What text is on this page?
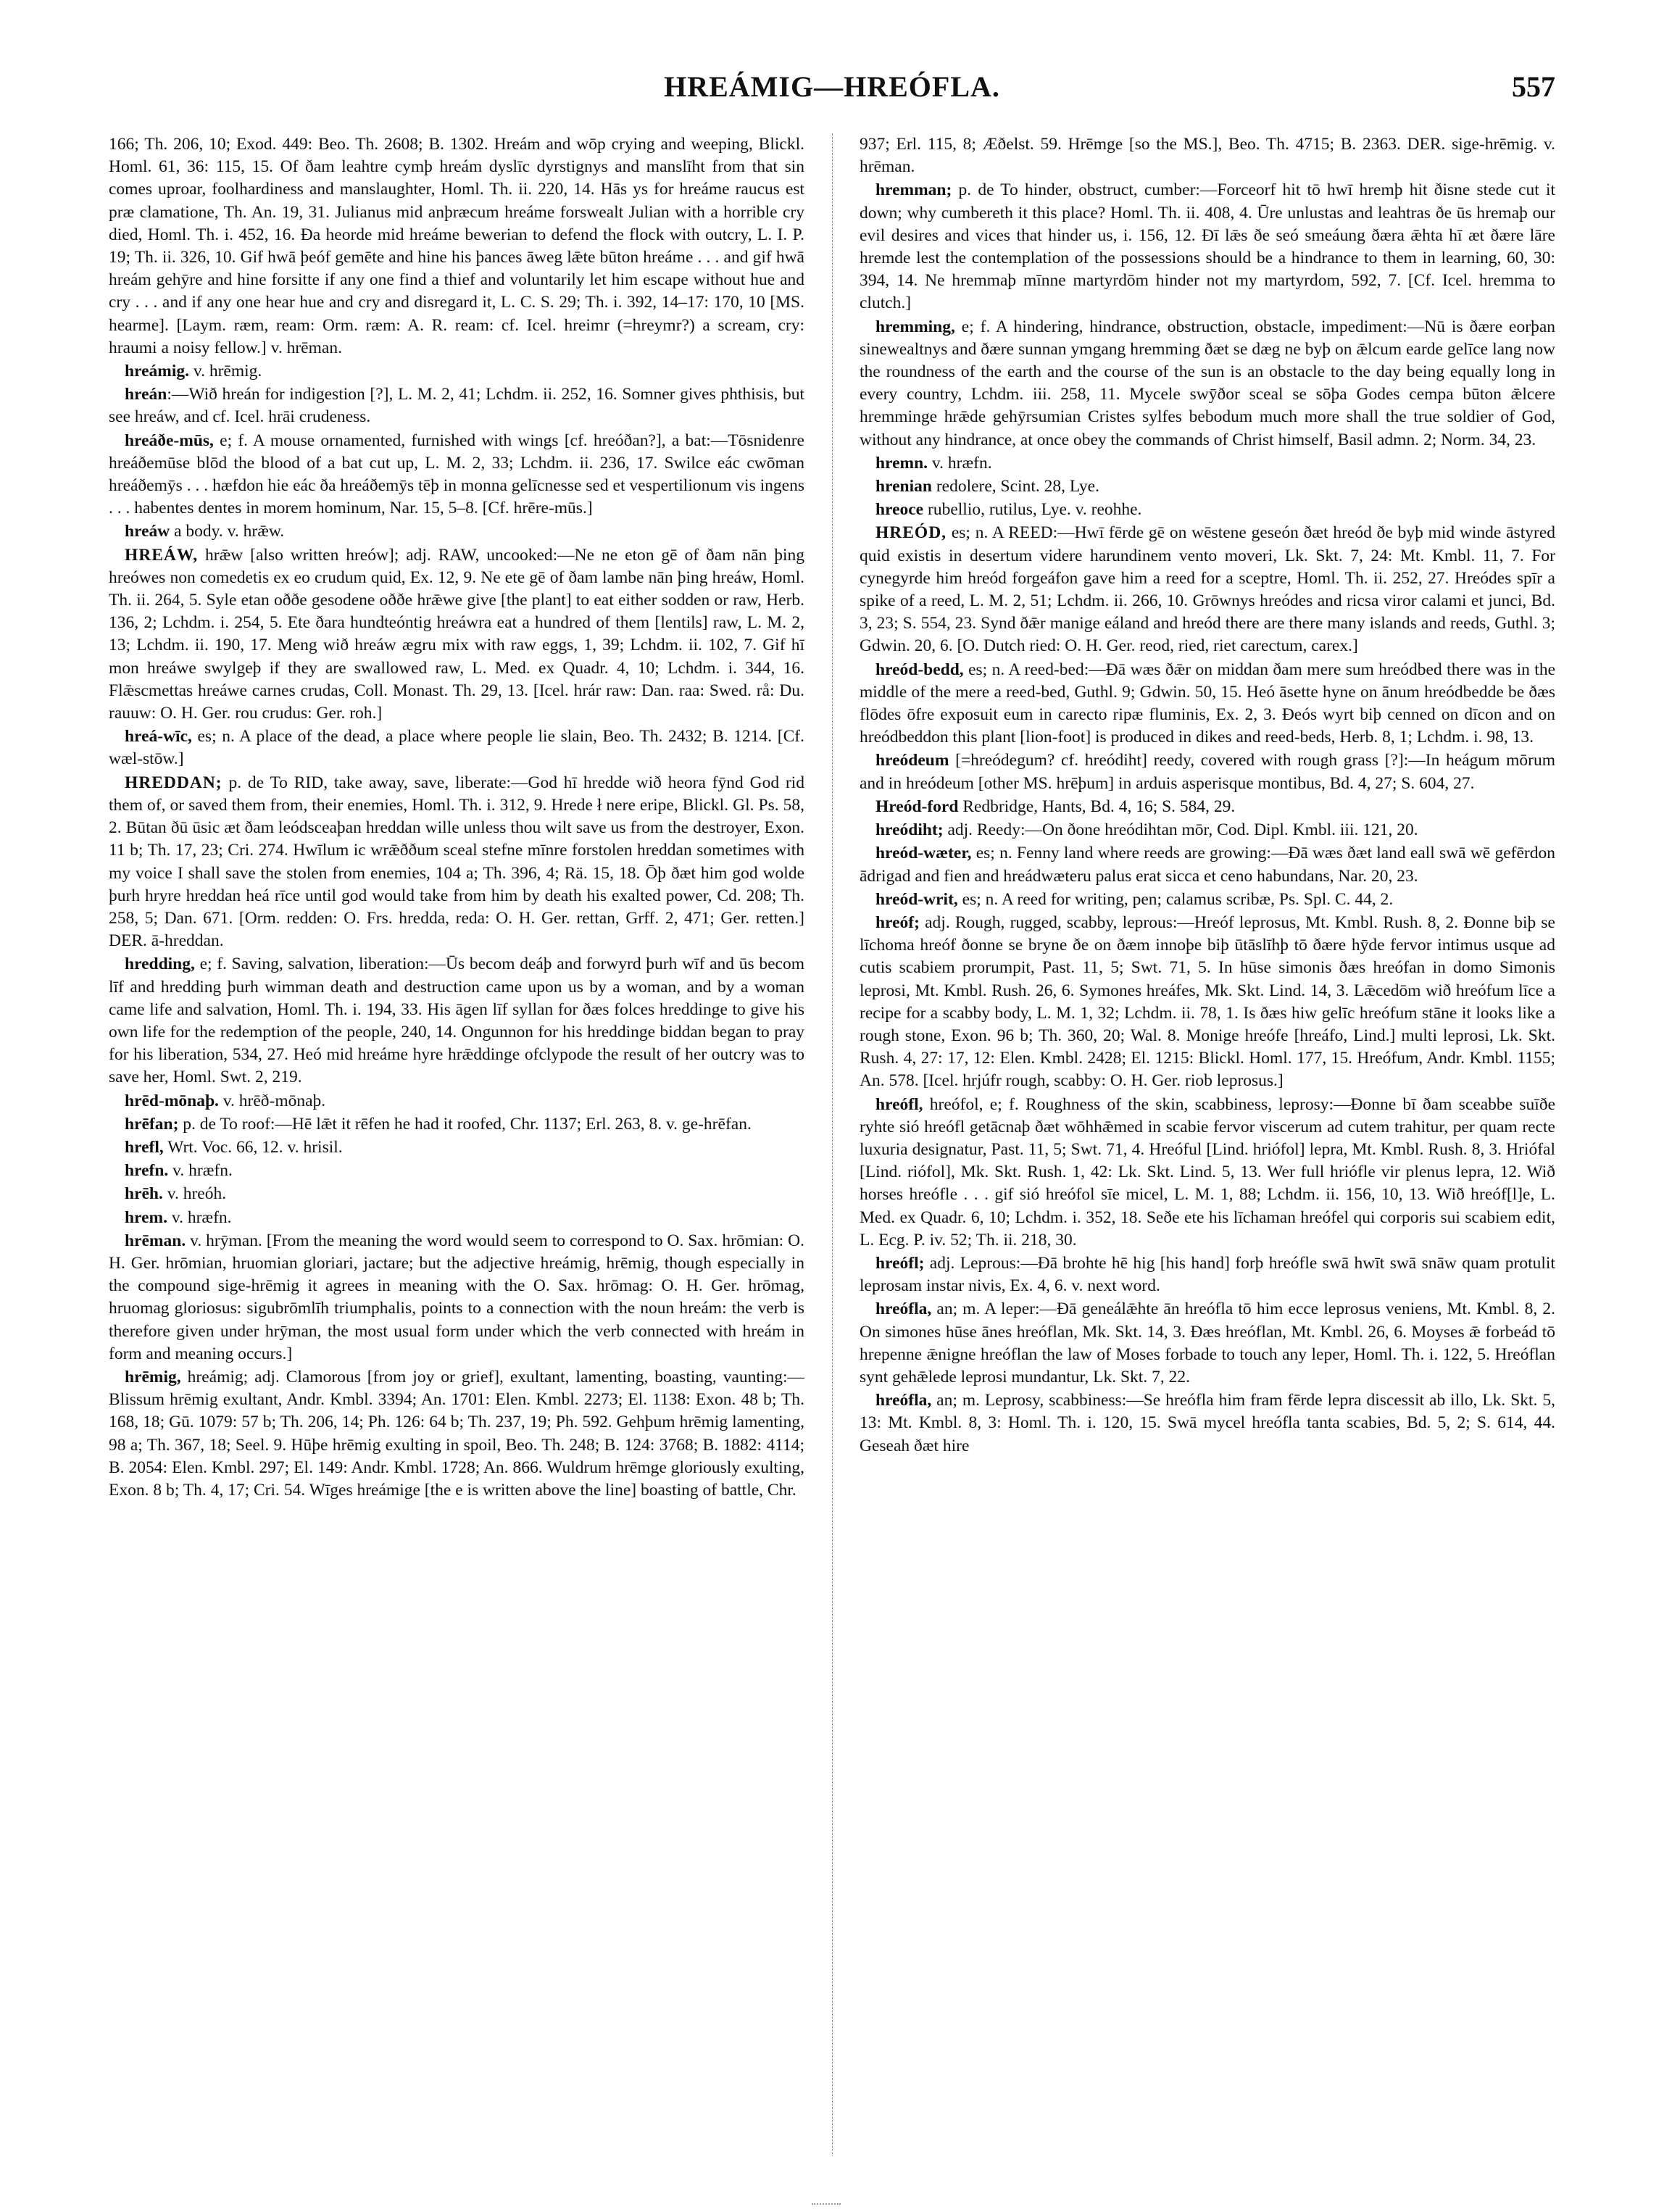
HREÁMIG—HREÓFLA.	557

166; Th. 206, 10; Exod. 449: Beo. Th. 2608; B. 1302. Hreám and wōp crying and weeping, Blickl. Homl. 61, 36: 115, 15. Of ðam leahtre cymþ hreám dyslīc dyrstignys and manslīht from that sin comes uproar, foolhardiness and manslaughter, Homl. Th. ii. 220, 14. Hās ys for hreáme raucus est præ clamatione, Th. An. 19, 31. Julianus mid anþræcum hreáme forswealt Julian with a horrible cry died, Homl. Th. i. 452, 16. Ða heorde mid hreáme bewerian to defend the flock with outcry, L. I. P. 19; Th. ii. 326, 10. Gif hwā þeóf gemēte and hine his þances āweg lǣte būton hreáme . . . and gif hwā hreám gehȳre and hine forsitte if any one find a thief and voluntarily let him escape without hue and cry . . . and if any one hear hue and cry and disregard it, L. C. S. 29; Th. i. 392, 14–17: 170, 10 [MS. hearme]. [Laym. ræm, ream: Orm. ræm: A. R. ream: cf. Icel. hreimr (=hreymr?) a scream, cry: hraumi a noisy fellow.] v. hrēman.

hreámig. v. hrēmig.

hreán:—Wið hreán for indigestion [?], L. M. 2, 41; Lchdm. ii. 252, 16. Somner gives phthisis, but see hreáw, and cf. Icel. hrāi crudeness.

hreáðe-mūs, e; f. A mouse ornamented, furnished with wings [cf. hreóðan?], a bat:—Tōsnidenre hreáðemūse blōd the blood of a bat cut up, L. M. 2, 33; Lchdm. ii. 236, 17. Swilce eác cwōman hreáðemȳs . . . hæfdon hie eác ða hreáðemȳs tēþ in monna gelīcnesse sed et vespertilionum vis ingens . . . habentes dentes in morem hominum, Nar. 15, 5–8. [Cf. hrēre-mūs.]

hreáw a body. v. hrǣw.

HREÁW, hrǣw [also written hreów]; adj. RAW, uncooked:—Ne ne eton gē of ðam nān þing hreówes non comedetis ex eo crudum quid, Ex. 12, 9. Ne ete gē of ðam lambe nān þing hreáw, Homl. Th. ii. 264, 5. Syle etan oððe gesodene oððe hrǣwe give [the plant] to eat either sodden or raw, Herb. 136, 2; Lchdm. i. 254, 5. Ete ðara hundteóntig hreáwra eat a hundred of them [lentils] raw, L. M. 2, 13; Lchdm. ii. 190, 17. Meng wið hreáw ægru mix with raw eggs, 1, 39; Lchdm. ii. 102, 7. Gif hī mon hreáwe swylgeþ if they are swallowed raw, L. Med. ex Quadr. 4, 10; Lchdm. i. 344, 16. Flǣscmettas hreáwe carnes crudas, Coll. Monast. Th. 29, 13. [Icel. hrár raw: Dan. raa: Swed. rå: Du. rauuw: O. H. Ger. rou crudus: Ger. roh.]

hreá-wīc, es; n. A place of the dead, a place where people lie slain, Beo. Th. 2432; B. 1214. [Cf. wæl-stōw.]

HREDDAN; p. de To RID, take away, save, liberate:—God hī hredde wið heora fȳnd God rid them of, or saved them from, their enemies, Homl. Th. i. 312, 9. Hrede ł nere eripe, Blickl. Gl. Ps. 58, 2. Būtan ðū ūsic æt ðam leódsceaþan hreddan wille unless thou wilt save us from the destroyer, Exon. 11 b; Th. 17, 23; Cri. 274. Hwīlum ic wrǣððum sceal stefne mīnre forstolen hreddan sometimes with my voice I shall save the stolen from enemies, 104 a; Th. 396, 4; Rä. 15, 18. Ōþ ðæt him god wolde þurh hryre hreddan heá rīce until god would take from him by death his exalted power, Cd. 208; Th. 258, 5; Dan. 671. [Orm. redden: O. Frs. hredda, reda: O. H. Ger. rettan, Grff. 2, 471; Ger. retten.] DER. ā-hreddan.

hredding, e; f. Saving, salvation, liberation:—Ūs becom deáþ and forwyrd þurh wīf and ūs becom līf and hredding þurh wimman death and destruction came upon us by a woman, and by a woman came life and salvation, Homl. Th. i. 194, 33. His āgen līf syllan for ðæs folces hreddinge to give his own life for the redemption of the people, 240, 14. Ongunnon for his hreddinge biddan began to pray for his liberation, 534, 27. Heó mid hreáme hyre hrǣddinge ofclypode the result of her outcry was to save her, Homl. Swt. 2, 219.

hrēd-mōnaþ. v. hrēð-mōnaþ.

hrēfan; p. de To roof:—Hē lǣt it rēfen he had it roofed, Chr. 1137; Erl. 263, 8. v. ge-hrēfan.

hrefl, Wrt. Voc. 66, 12. v. hrisil.

hrefn. v. hræfn.

hrēh. v. hreóh.

hrem. v. hræfn.

hrēman. v. hrȳman. [From the meaning the word would seem to correspond to O. Sax. hrōmian: O. H. Ger. hrōmian, hruomian gloriari, jactare; but the adjective hreámig, hrēmig, though especially in the compound sige-hrēmig it agrees in meaning with the O. Sax. hrōmag: O. H. Ger. hrōmag, hruomag gloriosus: sigubrōmlīh triumphalis, points to a connection with the noun hreám: the verb is therefore given under hrȳman, the most usual form under which the verb connected with hreám in form and meaning occurs.]

hrēmig, hreámig; adj. Clamorous [from joy or grief], exultant, lamenting, boasting, vaunting:—Blissum hrēmig exultant, Andr. Kmbl. 3394; An. 1701: Elen. Kmbl. 2273; El. 1138: Exon. 48 b; Th. 168, 18; Gū. 1079: 57 b; Th. 206, 14; Ph. 126: 64 b; Th. 237, 19; Ph. 592. Gehþum hrēmig lamenting, 98 a; Th. 367, 18; Seel. 9. Hūþe hrēmig exulting in spoil, Beo. Th. 248; B. 124: 3768; B. 1882: 4114; B. 2054: Elen. Kmbl. 297; El. 149: Andr. Kmbl. 1728; An. 866. Wuldrum hrēmge gloriously exulting, Exon. 8 b; Th. 4, 17; Cri. 54. Wīges hreámige [the e is written above the line] boasting of battle, Chr.

937; Erl. 115, 8; Æðelst. 59. Hrēmge [so the MS.], Beo. Th. 4715; B. 2363. DER. sige-hrēmig. v. hrēman.

hremman; p. de To hinder, obstruct, cumber:—Forceorf hit tō hwī hremþ hit ðisne stede cut it down; why cumbereth it this place? Homl. Th. ii. 408, 4. Ūre unlustas and leahtras ðe ūs hremaþ our evil desires and vices that hinder us, i. 156, 12. Ðī lǣs ðe seó smeáung ðæra ǣhta hī æt ðære lāre hremde lest the contemplation of the possessions should be a hindrance to them in learning, 60, 30: 394, 14. Ne hremmaþ mīnne martyrdōm hinder not my martyrdom, 592, 7. [Cf. Icel. hremma to clutch.]

hremming, e; f. A hindering, hindrance, obstruction, obstacle, impediment:—Nū is ðære eorþan sinewealtnys and ðære sunnan ymgang hremming ðæt se dæg ne byþ on ǣlcum earde gelīce lang now the roundness of the earth and the course of the sun is an obstacle to the day being equally long in every country, Lchdm. iii. 258, 11. Mycele swȳðor sceal se sōþa Godes cempa būton ǣlcere hremminge hrǣde gehȳrsumian Cristes sylfes bebodum much more shall the true soldier of God, without any hindrance, at once obey the commands of Christ himself, Basil admn. 2; Norm. 34, 23.

hremn. v. hræfn.

hrenian redolere, Scint. 28, Lye.

hreoce rubellio, rutilus, Lye. v. reohhe.

HREÓD, es; n. A REED:—Hwī fērde gē on wēstene geseón ðæt hreód ðe byþ mid winde āstyred quid existis in desertum videre harundinem vento moveri, Lk. Skt. 7, 24: Mt. Kmbl. 11, 7. For cynegyrde him hreód forgeáfon gave him a reed for a sceptre, Homl. Th. ii. 252, 27. Hreódes spīr a spike of a reed, L. M. 2, 51; Lchdm. ii. 266, 10. Grōwnys hreódes and ricsa viror calami et junci, Bd. 3, 23; S. 554, 23. Synd ðǣr manige eáland and hreód there are there many islands and reeds, Guthl. 3; Gdwin. 20, 6. [O. Dutch ried: O. H. Ger. reod, ried, riet carectum, carex.]

hreód-bedd, es; n. A reed-bed:—Ðā wæs ðǣr on middan ðam mere sum hreódbed there was in the middle of the mere a reed-bed, Guthl. 9; Gdwin. 50, 15. Heó āsette hyne on ānum hreódbedde be ðæs flōdes ōfre exposuit eum in carecto ripæ fluminis, Ex. 2, 3. Ðeós wyrt biþ cenned on dīcon and on hreódbeddon this plant [lion-foot] is produced in dikes and reed-beds, Herb. 8, 1; Lchdm. i. 98, 13.

hreódeum [=hreódegum? cf. hreódiht] reedy, covered with rough grass [?]:—In heágum mōrum and in hreódeum [other MS. hrēþum] in arduis asperisque montibus, Bd. 4, 27; S. 604, 27.

Hreód-ford Redbridge, Hants, Bd. 4, 16; S. 584, 29.

hreódiht; adj. Reedy:—On ðone hreódihtan mōr, Cod. Dipl. Kmbl. iii. 121, 20.

hreód-wæter, es; n. Fenny land where reeds are growing:—Ðā wæs ðæt land eall swā wē gefērdon ādrigad and fien and hreádwæteru palus erat sicca et ceno habundans, Nar. 20, 23.

hreód-writ, es; n. A reed for writing, pen; calamus scribæ, Ps. Spl. C. 44, 2.

hreóf; adj. Rough, rugged, scabby, leprous:—Hreóf leprosus, Mt. Kmbl. Rush. 8, 2. Ðonne biþ se līchoma hreóf ðonne se bryne ðe on ðæm innoþe biþ ūtāslīhþ tō ðære hȳde fervor intimus usque ad cutis scabiem prorumpit, Past. 11, 5; Swt. 71, 5. In hūse simonis ðæs hreófan in domo Simonis leprosi, Mt. Kmbl. Rush. 26, 6. Symones hreáfes, Mk. Skt. Lind. 14, 3. Lǣcedōm wið hreófum līce a recipe for a scabby body, L. M. 1, 32; Lchdm. ii. 78, 1. Is ðæs hiw gelīc hreófum stāne it looks like a rough stone, Exon. 96 b; Th. 360, 20; Wal. 8. Monige hreófe [hreáfo, Lind.] multi leprosi, Lk. Skt. Rush. 4, 27: 17, 12: Elen. Kmbl. 2428; El. 1215: Blickl. Homl. 177, 15. Hreófum, Andr. Kmbl. 1155; An. 578. [Icel. hrjúfr rough, scabby: O. H. Ger. riob leprosus.]

hreófl, hreófol, e; f. Roughness of the skin, scabbiness, leprosy:—Ðonne bī ðam sceabbe suīðe ryhte sió hreófl getācnaþ ðæt wōhhǣmed in scabie fervor viscerum ad cutem trahitur, per quam recte luxuria designatur, Past. 11, 5; Swt. 71, 4. Hreóful [Lind. hriófol] lepra, Mt. Kmbl. Rush. 8, 3. Hriófal [Lind. riófol], Mk. Skt. Rush. 1, 42: Lk. Skt. Lind. 5, 13. Wer full hriófle vir plenus lepra, 12. Wið horses hreófle . . . gif sió hreófol sīe micel, L. M. 1, 88; Lchdm. ii. 156, 10, 13. Wið hreóf[l]e, L. Med. ex Quadr. 6, 10; Lchdm. i. 352, 18. Seðe ete his līchaman hreófel qui corporis sui scabiem edit, L. Ecg. P. iv. 52; Th. ii. 218, 30.

hreófl; adj. Leprous:—Ðā brohte hē hig [his hand] forþ hreófle swā hwīt swā snāw quam protulit leprosam instar nivis, Ex. 4, 6. v. next word.

hreófla, an; m. A leper:—Ðā geneálǣhte ān hreófla tō him ecce leprosus veniens, Mt. Kmbl. 8, 2. On simones hūse ānes hreóflan, Mk. Skt. 14, 3. Ðæs hreóflan, Mt. Kmbl. 26, 6. Moyses ǣ forbeád tō hrepenne ǣnigne hreóflan the law of Moses forbade to touch any leper, Homl. Th. i. 122, 5. Hreóflan synt gehǣlede leprosi mundantur, Lk. Skt. 7, 22.

hreófla, an; m. Leprosy, scabbiness:—Se hreófla him fram fērde lepra discessit ab illo, Lk. Skt. 5, 13: Mt. Kmbl. 8, 3: Homl. Th. i. 120, 15. Swā mycel hreófla tanta scabies, Bd. 5, 2; S. 614, 44. Geseah ðæt hire
